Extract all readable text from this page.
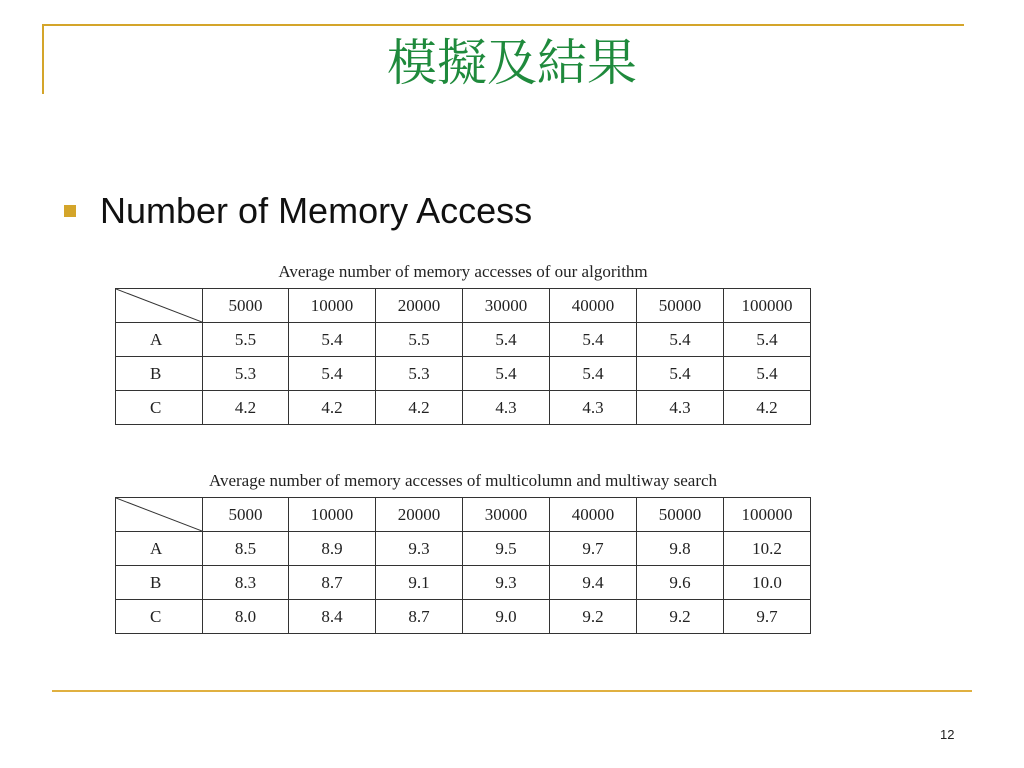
模擬及結果
Number of Memory Access
Average number of memory accesses of our algorithm
	5000	10000	20000	30000	40000	50000	100000
A	5.5	5.4	5.5	5.4	5.4	5.4	5.4
B	5.3	5.4	5.3	5.4	5.4	5.4	5.4
C	4.2	4.2	4.2	4.3	4.3	4.3	4.2
Average number of memory accesses of multicolumn and multiway search
	5000	10000	20000	30000	40000	50000	100000
A	8.5	8.9	9.3	9.5	9.7	9.8	10.2
B	8.3	8.7	9.1	9.3	9.4	9.6	10.0
C	8.0	8.4	8.7	9.0	9.2	9.2	9.7
12
